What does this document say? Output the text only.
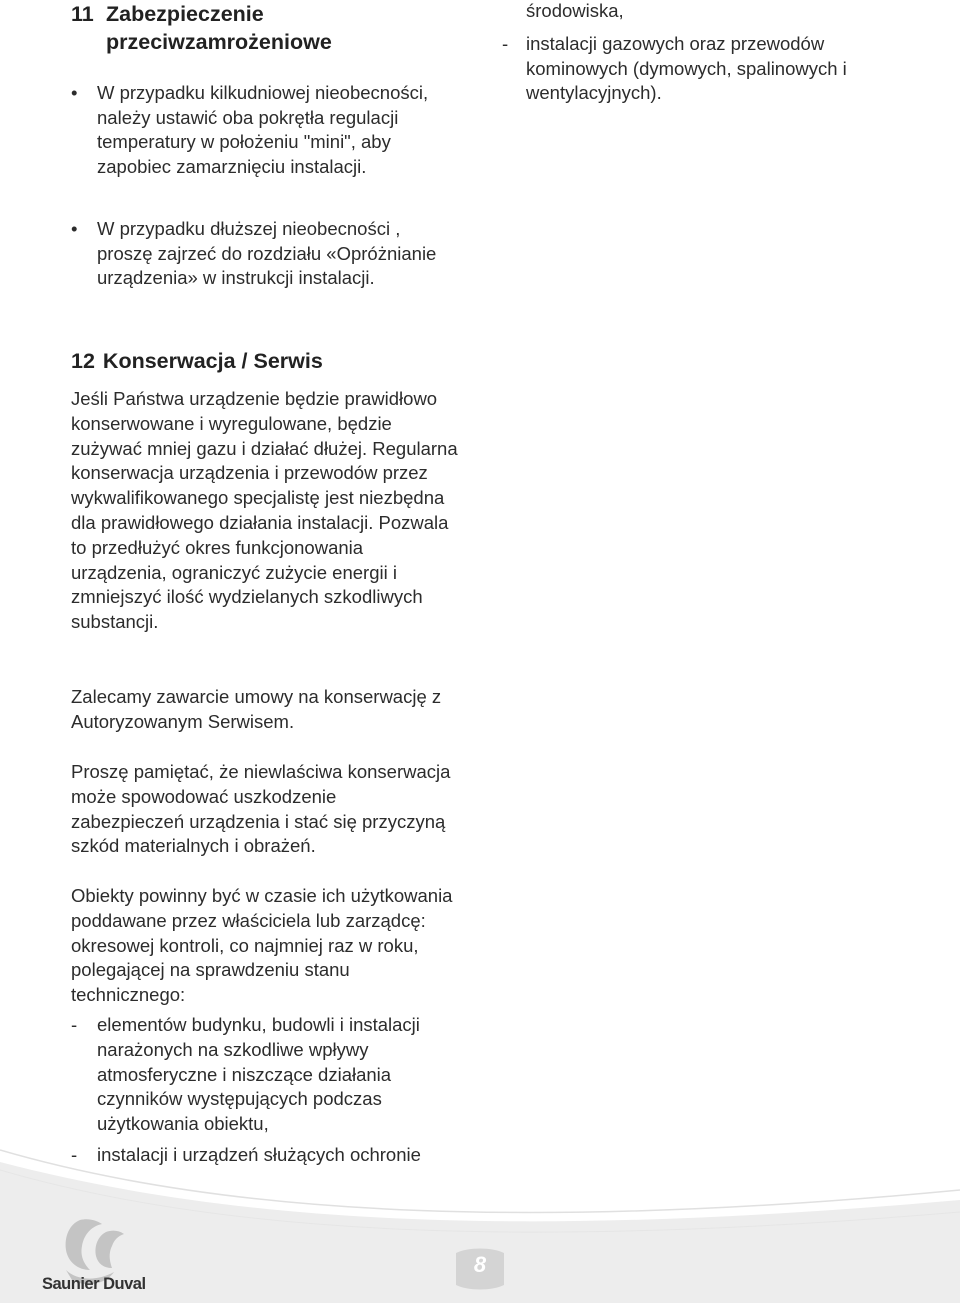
11 Zabezpieczenie przeciwzamrożeniowe
• W przypadku kilkudniowej nieobecności, należy ustawić oba pokrętła regulacji temperatury w położeniu "mini", aby zapobiec zamarznięciu instalacji.
• W przypadku dłuższej nieobecności , proszę zajrzeć do rozdziału «Opróżnianie urządzenia» w instrukcji instalacji.
12 Konserwacja / Serwis

Jeśli Państwa urządzenie będzie prawidłowo konserwowane i wyregulowane, będzie zużywać mniej gazu i działać dłużej. Regularna konserwacja urządzenia i przewodów przez wykwalifikowanego specjalistę jest niezbędna dla prawidłowego działania instalacji. Pozwala to przedłużyć okres funkcjonowania urządzenia, ograniczyć zużycie energii i zmniejszyć ilość wydzielanych szkodliwych substancji.

Zalecamy zawarcie umowy na konserwację z Autoryzowanym Serwisem.

Proszę pamiętać, że niewlaściwa konserwacja może spowodować uszkodzenie zabezpieczeń urządzenia i stać się przyczyną szkód materialnych i obrażeń.

Obiekty powinny być w czasie ich użytkowania poddawane przez właściciela lub zarządcę: okresowej kontroli, co najmniej raz w roku, polegającej na sprawdzeniu stanu technicznego:

- elementów budynku, budowli i instalacji narażonych na szkodliwe wpływy atmosferyczne i niszczące działania czynników występujących podczas użytkowania obiektu,
- instalacji i urządzeń służących ochronie
środowiska,
- instalacji gazowych oraz przewodów kominowych (dymowych, spalinowych i wentylacyjnych).
Saunier Duval
8
